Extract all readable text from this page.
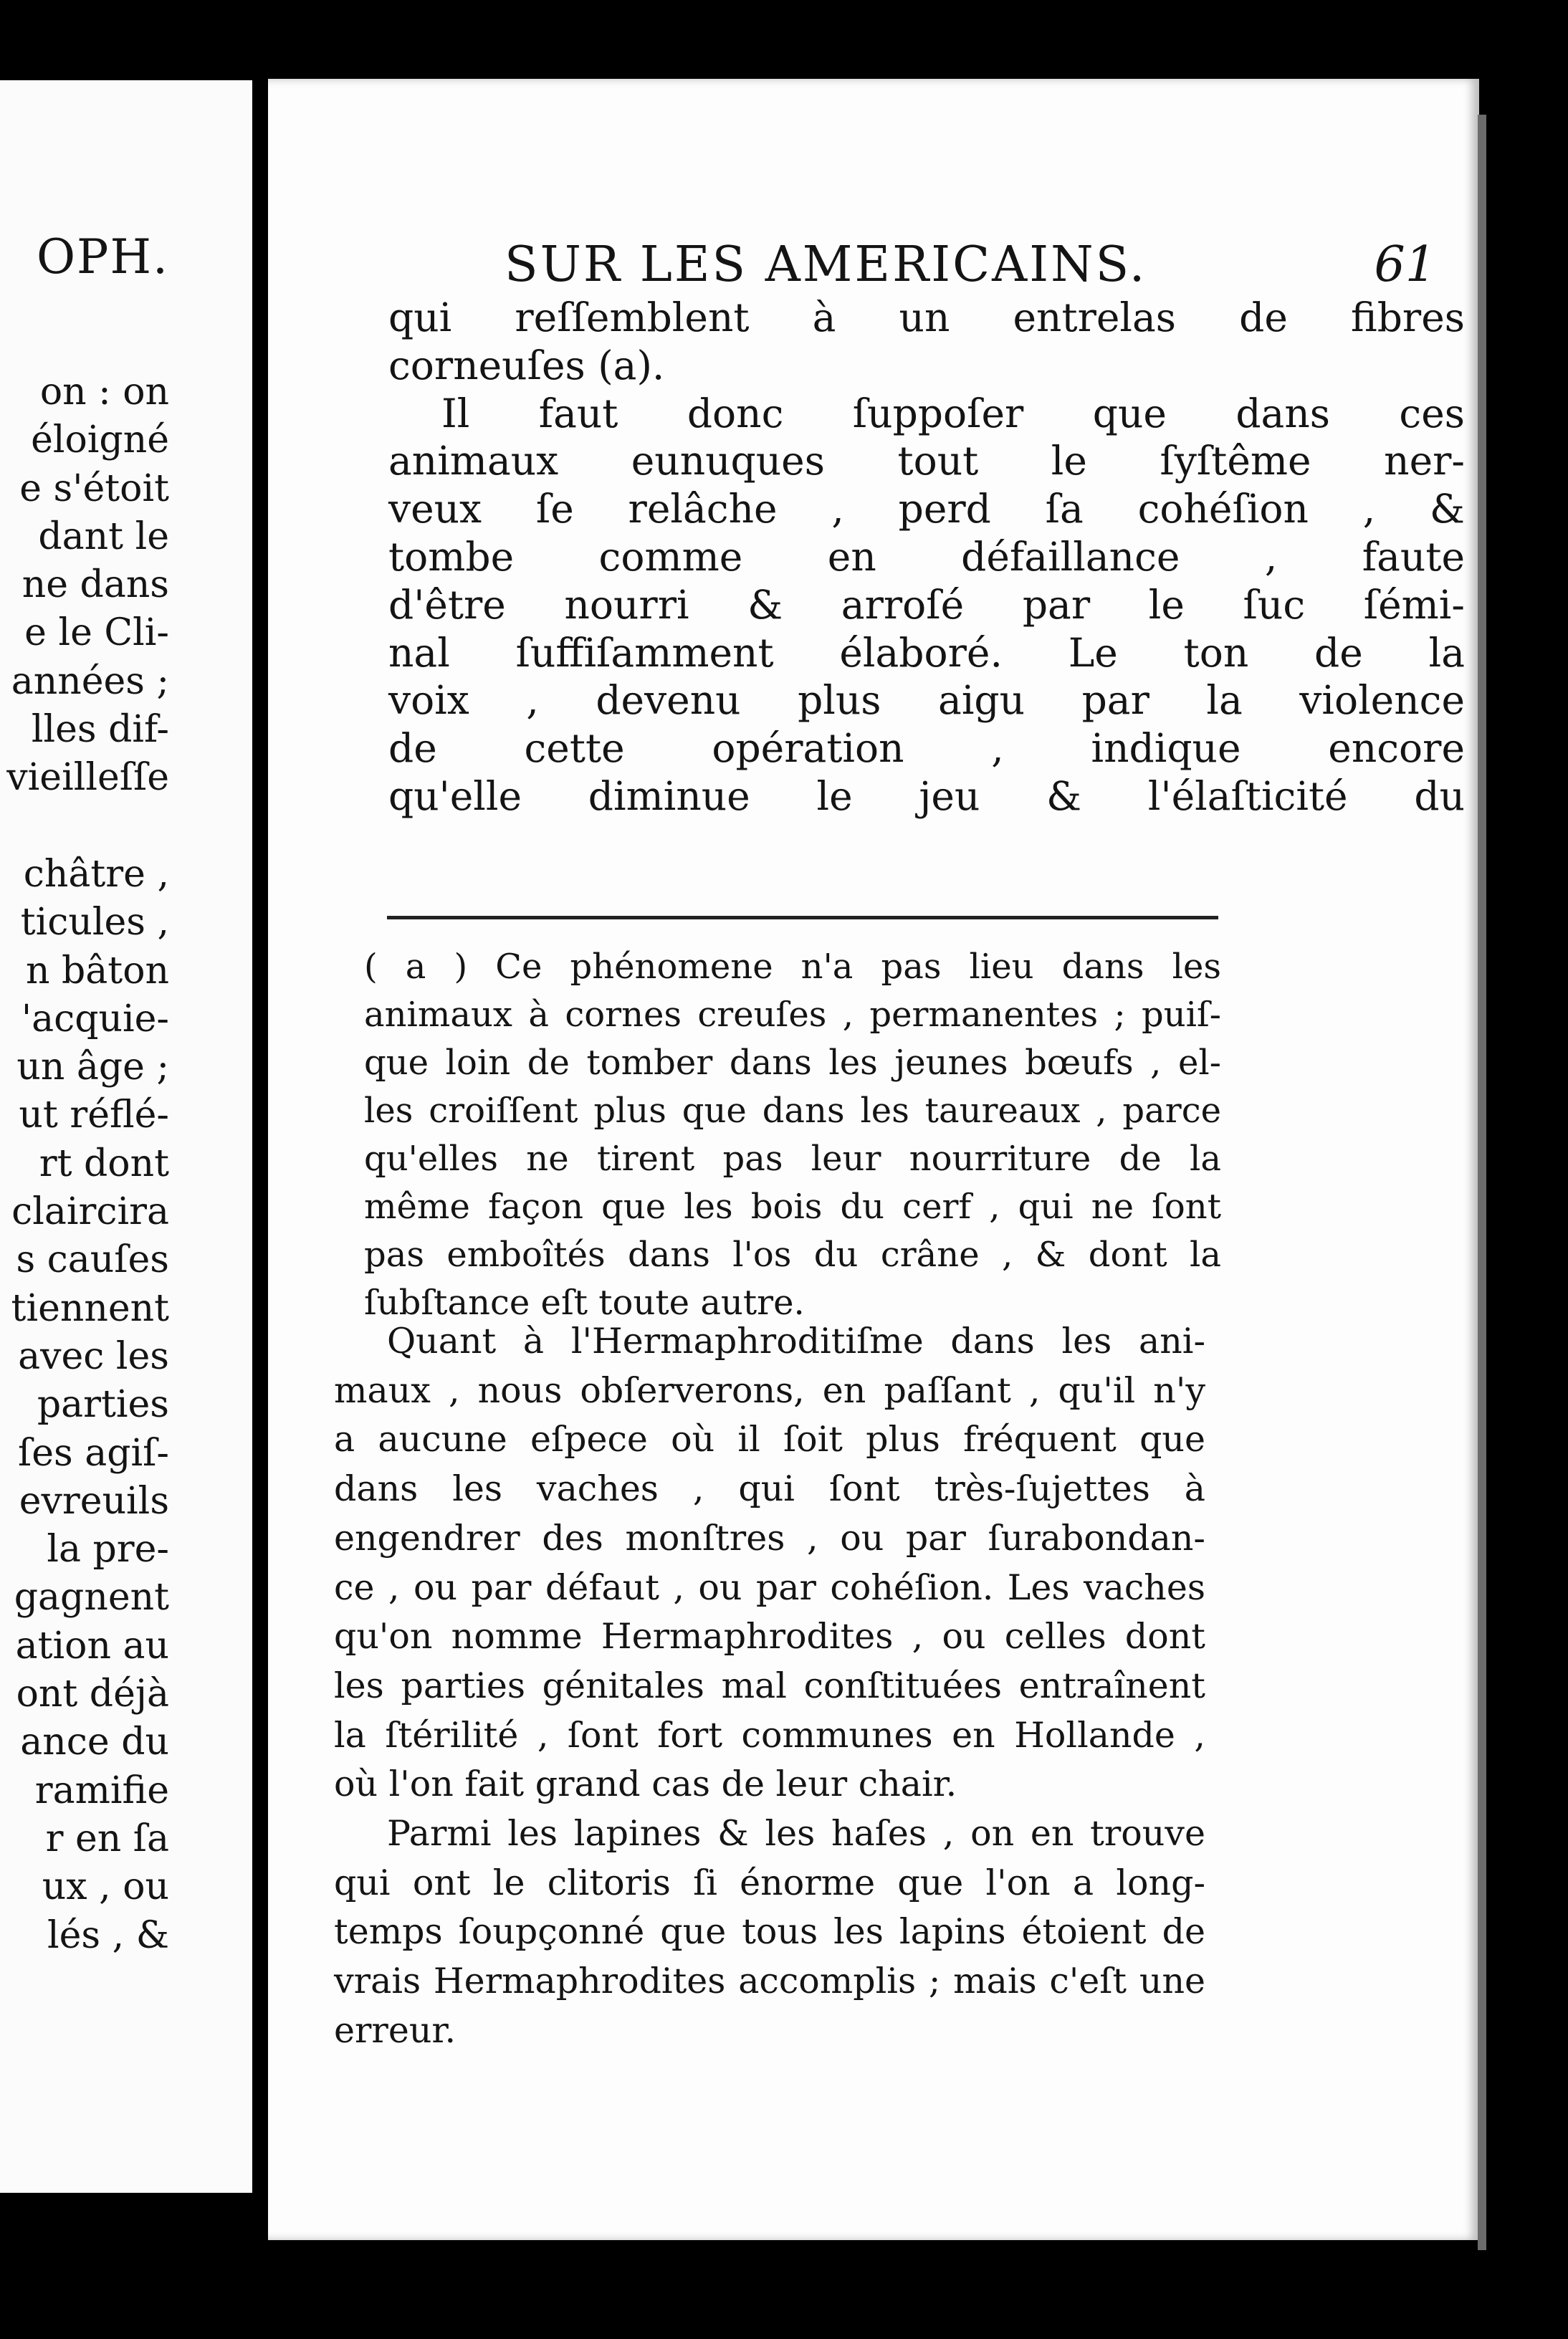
OPH.
on : on
éloigné
e s'étoit
dant le
ne dans
e le Cli-
années ;
lles dif-
vieilleſſe

châtre ,
ticules ,
n bâton
'acquie-
un âge ;
ut réflé-
rt dont
claircira
s cauſes
tiennent
avec les
parties
ſes agiſ-
evreuils
la pre-
gagnent
ation au
ont déjà
ance du
ramifie
r en ſa
ux , ou
lés , &
SUR LES AMERICAINS.	61
qui reſſemblent à un entrelas de fibres
corneuſes (a).
Il faut donc ſuppoſer que dans ces
animaux eunuques tout le ſyſtême ner-
veux ſe relâche , perd ſa cohéſion , &
tombe comme en défaillance , faute
d'être nourri & arroſé par le ſuc ſémi-
nal ſuffiſamment élaboré. Le ton de la
voix , devenu plus aigu par la violence
de cette opération , indique encore
qu'elle diminue le jeu & l'élaſticité du
( a ) Ce phénomene n'a pas lieu dans les
animaux à cornes creuſes , permanentes ; puiſ-
que loin de tomber dans les jeunes bœufs , el-
les croiſſent plus que dans les taureaux , parce
qu'elles ne tirent pas leur nourriture de la
même façon que les bois du cerf , qui ne ſont
pas emboîtés dans l'os du crâne , & dont la
ſubſtance eſt toute autre.
Quant à l'Hermaphroditiſme dans les ani-
maux , nous obſerverons, en paſſant , qu'il n'y
a aucune eſpece où il ſoit plus fréquent que
dans les vaches , qui ſont très-ſujettes à
engendrer des monſtres , ou par ſurabondan-
ce , ou par défaut , ou par cohéſion. Les vaches
qu'on nomme Hermaphrodites , ou celles dont
les parties génitales mal conſtituées entraînent
la ſtérilité , ſont fort communes en Hollande ,
où l'on fait grand cas de leur chair.
Parmi les lapines & les haſes , on en trouve
qui ont le clitoris ſi énorme que l'on a long-
temps ſoupçonné que tous les lapins étoient de
vrais Hermaphrodites accomplis ; mais c'eſt une
erreur.
